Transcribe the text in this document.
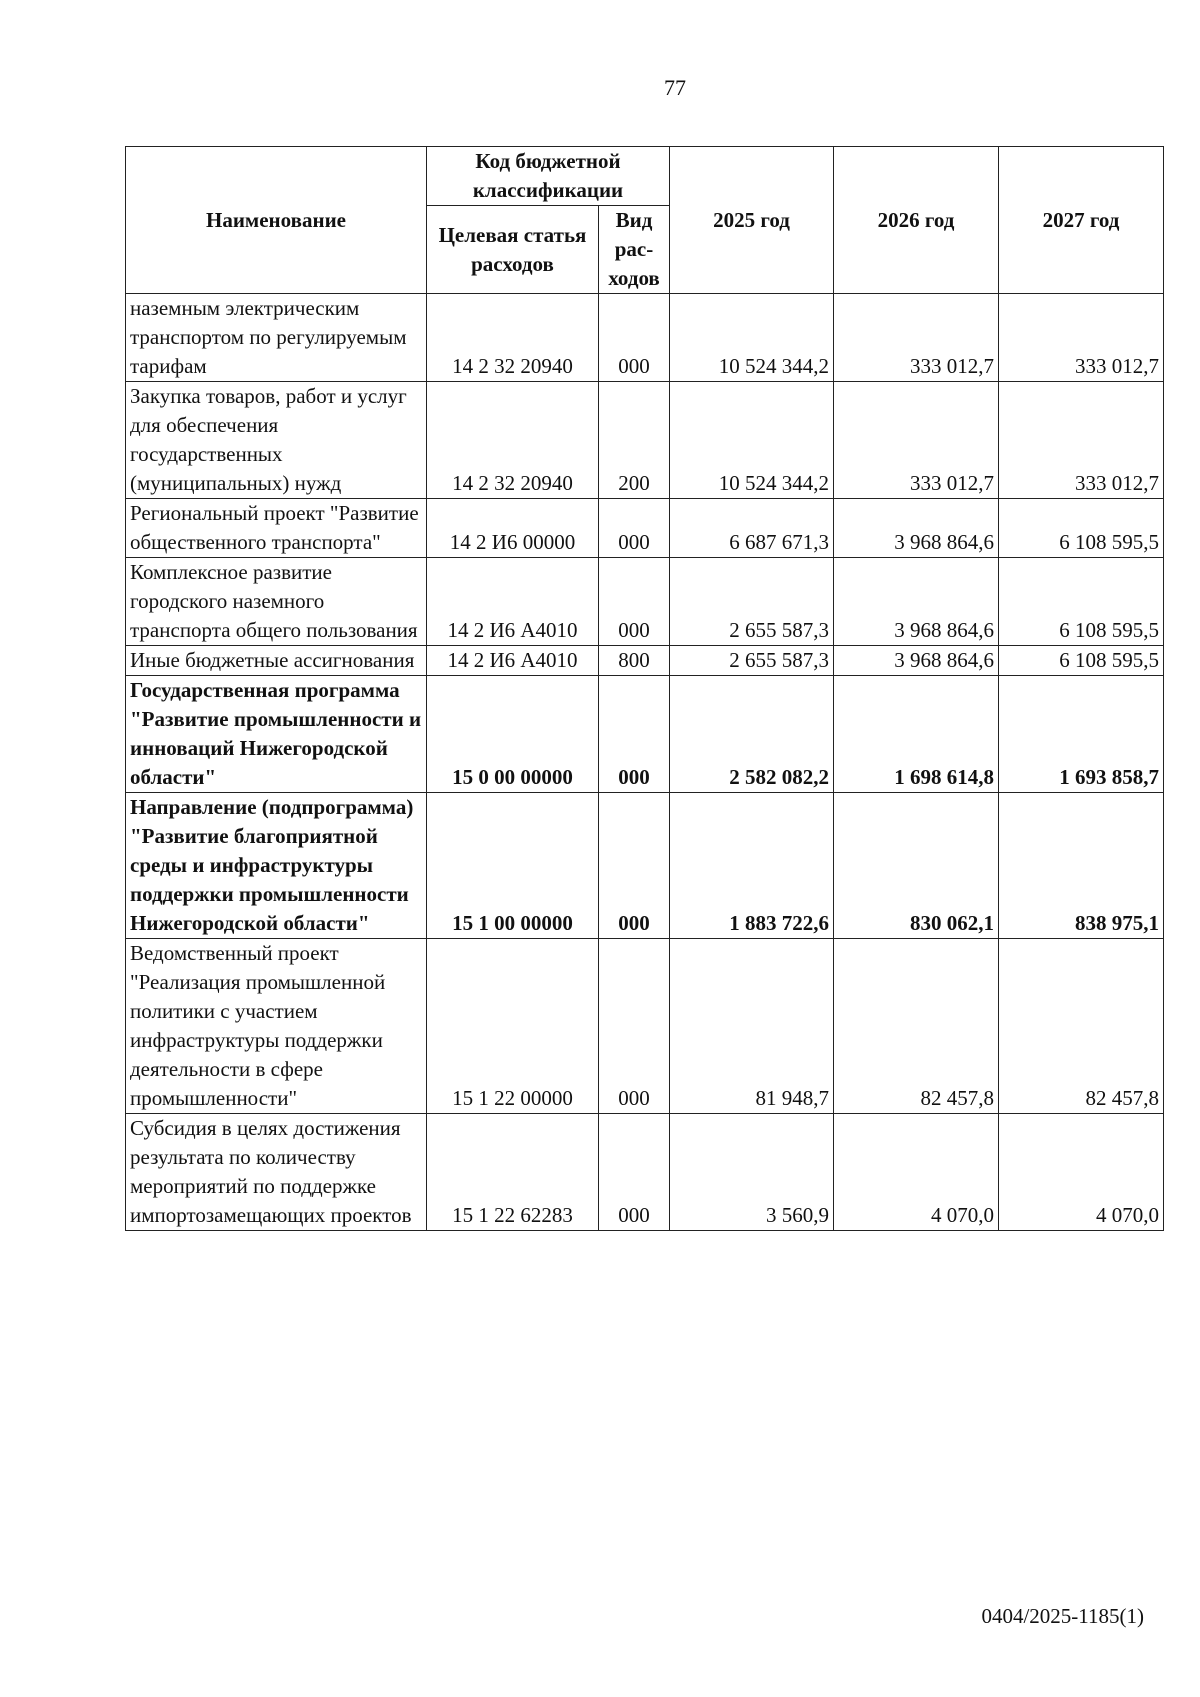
77
Наименование	Код бюджетной классификации		2025 год	2026 год	2027 год
	Целевая статья расходов	Вид рас-ходов			
наземным электрическим транспортом по регулируемым тарифам	14 2 32 20940	000	10 524 344,2	333 012,7	333 012,7
Закупка товаров, работ и услуг для обеспечения государственных (муниципальных) нужд	14 2 32 20940	200	10 524 344,2	333 012,7	333 012,7
Региональный проект "Развитие общественного транспорта"	14 2 И6 00000	000	6 687 671,3	3 968 864,6	6 108 595,5
Комплексное развитие городского наземного транспорта общего пользования	14 2 И6 А4010	000	2 655 587,3	3 968 864,6	6 108 595,5
Иные бюджетные ассигнования	14 2 И6 А4010	800	2 655 587,3	3 968 864,6	6 108 595,5
Государственная программа "Развитие промышленности и инноваций Нижегородской области"	15 0 00 00000	000	2 582 082,2	1 698 614,8	1 693 858,7
Направление (подпрограмма) "Развитие благоприятной среды и инфраструктуры поддержки промышленности Нижегородской области"	15 1 00 00000	000	1 883 722,6	830 062,1	838 975,1
Ведомственный проект "Реализация промышленной политики с участием инфраструктуры поддержки деятельности в сфере промышленности"	15 1 22 00000	000	81 948,7	82 457,8	82 457,8
Субсидия в целях достижения результата по количеству мероприятий по поддержке импортозамещающих проектов	15 1 22 62283	000	3 560,9	4 070,0	4 070,0
0404/2025-1185(1)
